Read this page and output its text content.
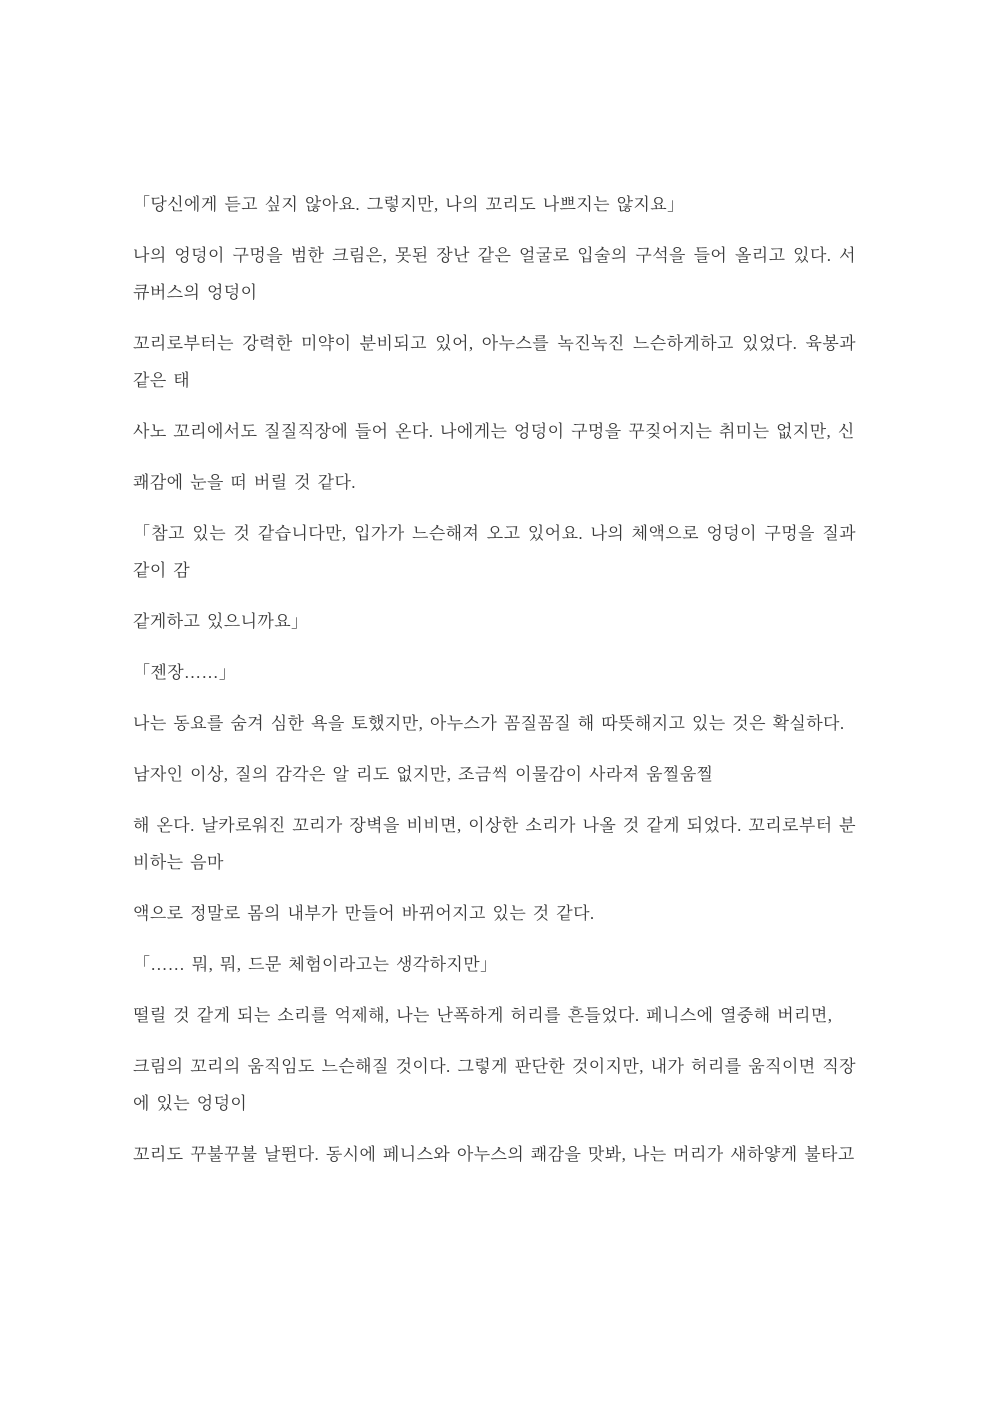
「당신에게 듣고 싶지 않아요. 그렇지만, 나의 꼬리도 나쁘지는 않지요」

나의 엉덩이 구멍을 범한 크림은, 못된 장난 같은 얼굴로 입술의 구석을 들어 올리고 있다. 서큐버스의 엉덩이

꼬리로부터는 강력한 미약이 분비되고 있어, 아누스를 녹진녹진 느슨하게하고 있었다. 육봉과 같은 태

사노 꼬리에서도 질질직장에 들어 온다. 나에게는 엉덩이 구멍을 꾸짖어지는 취미는 없지만, 신

쾌감에 눈을 떠 버릴 것 같다.

「참고 있는 것 같습니다만, 입가가 느슨해져 오고 있어요. 나의 체액으로 엉덩이 구멍을 질과 같이 감

같게하고 있으니까요」

「젠장……」

나는 동요를 숨겨 심한 욕을 토했지만, 아누스가 꼼질꼼질 해 따뜻해지고 있는 것은 확실하다.

남자인 이상, 질의 감각은 알 리도 없지만, 조금씩 이물감이 사라져 움찔움찔

해 온다. 날카로워진 꼬리가 장벽을 비비면, 이상한 소리가 나올 것 같게 되었다. 꼬리로부터 분비하는 음마

액으로 정말로 몸의 내부가 만들어 바뀌어지고 있는 것 같다.

「…… 뭐, 뭐, 드문 체험이라고는 생각하지만」

떨릴 것 같게 되는 소리를 억제해, 나는 난폭하게 허리를 흔들었다. 페니스에 열중해 버리면,

크림의 꼬리의 움직임도 느슨해질 것이다. 그렇게 판단한 것이지만, 내가 허리를 움직이면 직장에 있는 엉덩이

꼬리도 꾸불꾸불 날뛴다. 동시에 페니스와 아누스의 쾌감을 맛봐, 나는 머리가 새하얗게 불타고
